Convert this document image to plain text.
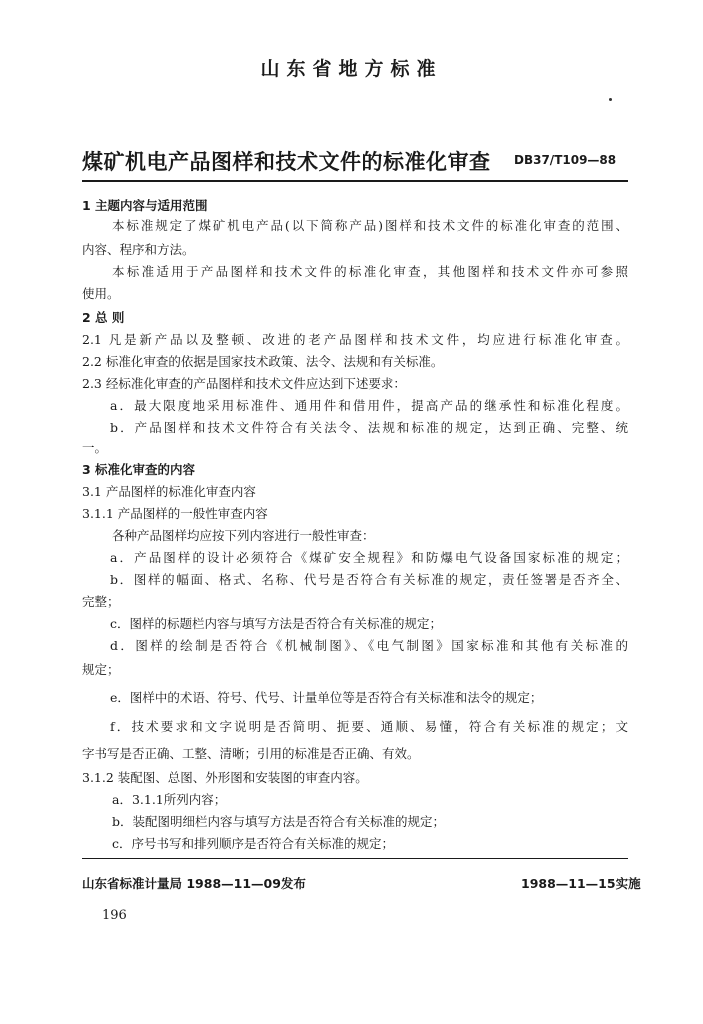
山东省地方标准
煤矿机电产品图样和技术文件的标准化审查 DB37/T109—88
1 主题内容与适用范围
本标准规定了煤矿机电产品(以下简称产品)图样和技术文件的标准化审查的范围、
内容、程序和方法。
本标准适用于产品图样和技术文件的标准化审查，其他图样和技术文件亦可参照
使用。
2 总 则
2.1 凡是新产品以及整顿、改进的老产品图样和技术文件，均应进行标准化审查。
2.2 标准化审查的依据是国家技术政策、法令、法规和有关标准。
2.3 经标准化审查的产品图样和技术文件应达到下述要求：
a．最大限度地采用标准件、通用件和借用件，提高产品的继承性和标准化程度。
b．产品图样和技术文件符合有关法令、法规和标准的规定，达到正确、完整、统
一。
3 标准化审查的内容
3.1 产品图样的标准化审查内容
3.1.1 产品图样的一般性审查内容
各种产品图样均应按下列内容进行一般性审查：
a．产品图样的设计必须符合《煤矿安全规程》和防爆电气设备国家标准的规定；
b．图样的幅面、格式、名称、代号是否符合有关标准的规定，责任签署是否齐全、
完整；
c．图样的标题栏内容与填写方法是否符合有关标准的规定；
d．图样的绘制是否符合《机械制图》、《电气制图》国家标准和其他有关标准的
规定；
e．图样中的术语、符号、代号、计量单位等是否符合有关标准和法令的规定；
f．技术要求和文字说明是否简明、扼要、通顺、易懂，符合有关标准的规定；文
字书写是否正确、工整、清晰；引用的标准是否正确、有效。
3.1.2 装配图、总图、外形图和安装图的审查内容。
a．3.1.1所列内容；
b．装配图明细栏内容与填写方法是否符合有关标准的规定；
c．序号书写和排列顺序是否符合有关标准的规定；
山东省标准计量局 1988—11—09发布	1988—11—15实施
196
